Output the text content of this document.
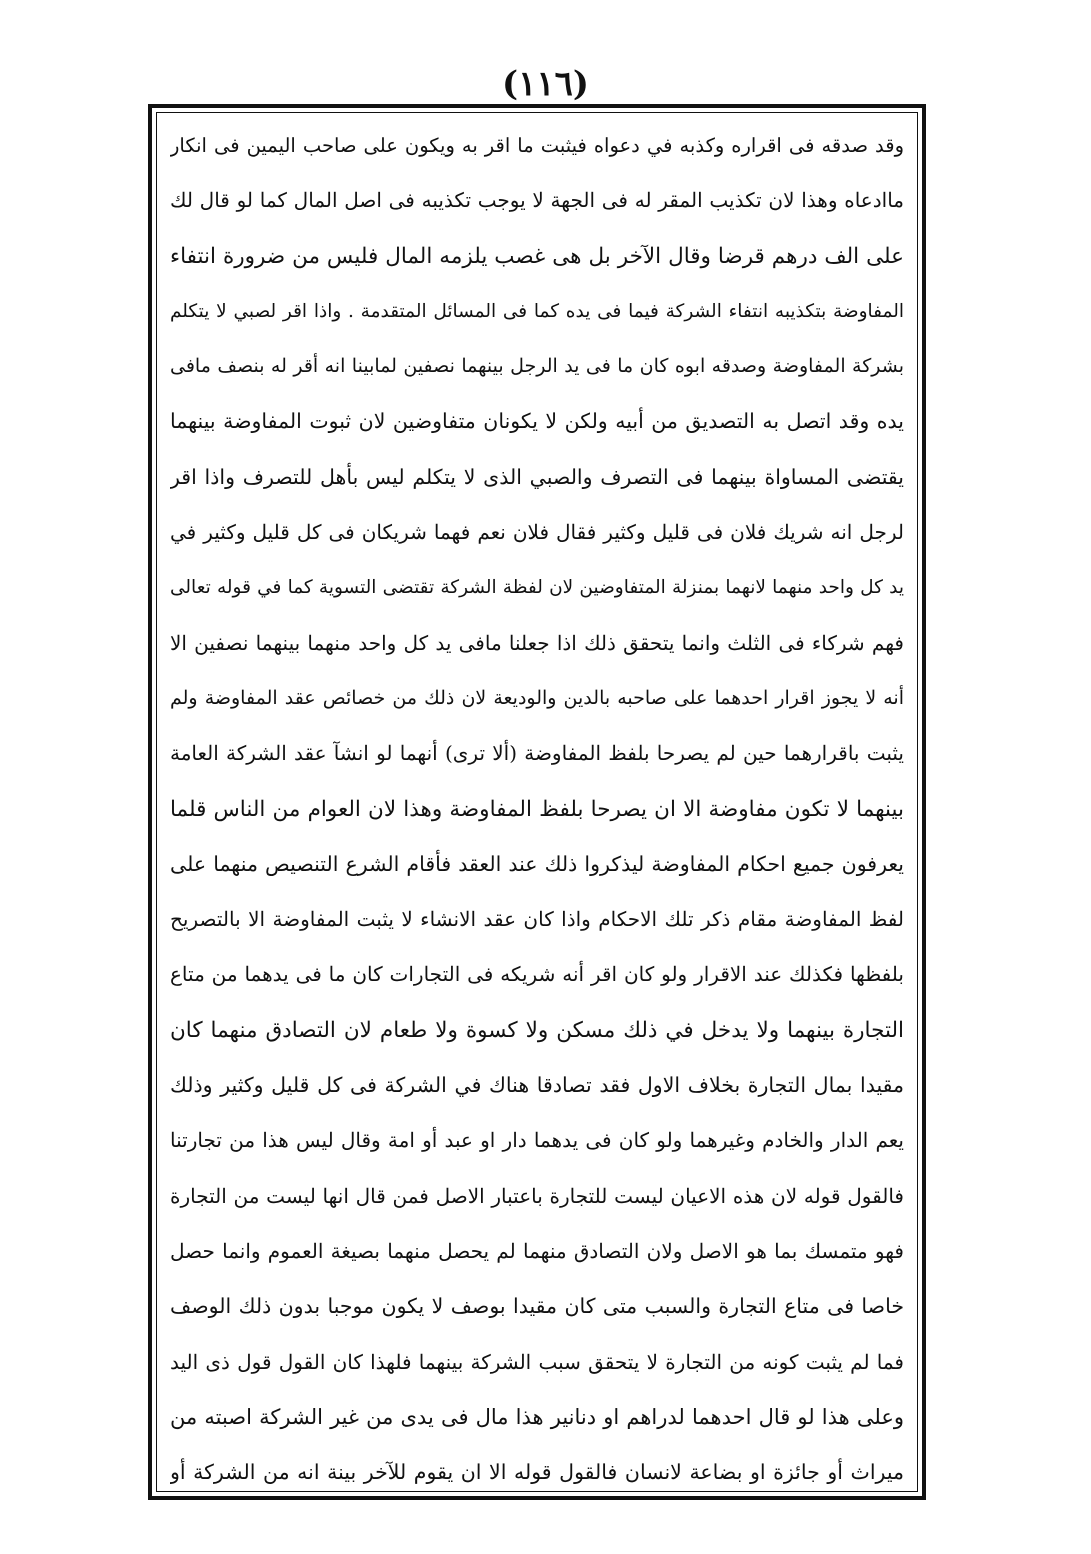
(١١٦)
وقد صدقه فى اقراره وكذبه في دعواه فيثبت ما اقر به ويكون على صاحب اليمين فى انكار
ماادعاه وهذا لان تكذيب المقر له فى الجهة لا يوجب تكذيبه فى اصل المال كما لو قال لك
على الف درهم قرضا وقال الآخر بل هى غصب يلزمه المال فليس من ضرورة انتفاء
المفاوضة بتكذيبه انتفاء الشركة فيما فى يده كما فى المسائل المتقدمة . واذا اقر لصبي لا يتكلم
بشركة المفاوضة وصدقه ابوه كان ما فى يد الرجل بينهما نصفين لمابينا انه أقر له بنصف مافى
يده وقد اتصل به التصديق من أبيه ولكن لا يكونان متفاوضين لان ثبوت المفاوضة بينهما
يقتضى المساواة بينهما فى التصرف والصبي الذى لا يتكلم ليس بأهل للتصرف واذا اقر
لرجل انه شريك فلان فى قليل وكثير فقال فلان نعم فهما شريكان فى كل قليل وكثير في
يد كل واحد منهما لانهما بمنزلة المتفاوضين لان لفظة الشركة تقتضى التسوية كما في قوله تعالى
فهم شركاء فى الثلث وانما يتحقق ذلك اذا جعلنا مافى يد كل واحد منهما بينهما نصفين الا
أنه لا يجوز اقرار احدهما على صاحبه بالدين والوديعة لان ذلك من خصائص عقد المفاوضة ولم
يثبت باقرارهما حين لم يصرحا بلفظ المفاوضة (ألا ترى) أنهما لو انشآ عقد الشركة العامة
بينهما لا تكون مفاوضة الا ان يصرحا بلفظ المفاوضة وهذا لان العوام من الناس قلما
يعرفون جميع احكام المفاوضة ليذكروا ذلك عند العقد فأقام الشرع التنصيص منهما على
لفظ المفاوضة مقام ذكر تلك الاحكام واذا كان عقد الانشاء لا يثبت المفاوضة الا بالتصريح
بلفظها فكذلك عند الاقرار ولو كان اقر أنه شريكه فى التجارات كان ما فى يدهما من متاع
التجارة بينهما ولا يدخل في ذلك مسكن ولا كسوة ولا طعام لان التصادق منهما كان
مقيدا بمال التجارة بخلاف الاول فقد تصادقا هناك في الشركة فى كل قليل وكثير وذلك
يعم الدار والخادم وغيرهما ولو كان فى يدهما دار او عبد أو امة وقال ليس هذا من تجارتنا
فالقول قوله لان هذه الاعيان ليست للتجارة باعتبار الاصل فمن قال انها ليست من التجارة
فهو متمسك بما هو الاصل ولان التصادق منهما لم يحصل منهما بصيغة العموم وانما حصل
خاصا فى متاع التجارة والسبب متى كان مقيدا بوصف لا يكون موجبا بدون ذلك الوصف
فما لم يثبت كونه من التجارة لا يتحقق سبب الشركة بينهما فلهذا كان القول قول ذى اليد
وعلى هذا لو قال احدهما لدراهم او دنانير هذا مال فى يدى من غير الشركة اصبته من
ميراث أو جائزة او بضاعة لانسان فالقول قوله الا ان يقوم للآخر بينة انه من الشركة أو
